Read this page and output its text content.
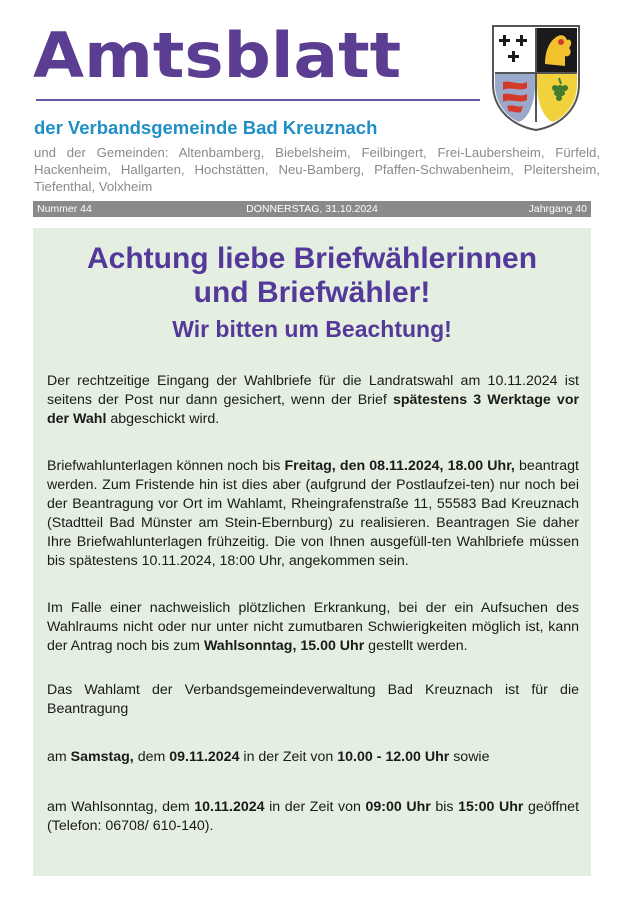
Amtsblatt
der Verbandsgemeinde Bad Kreuznach
und der Gemeinden: Altenbamberg, Biebelsheim, Feilbingert, Frei-Laubersheim, Fürfeld, Hackenheim, Hallgarten, Hochstätten, Neu-Bamberg, Pfaffen-Schwabenheim, Pleitersheim, Tiefenthal, Volxheim
DONNERSTAG, 31.10.2024
Nummer 44	Jahrgang 40
Achtung liebe Briefwählerinnen
und Briefwähler!
Wir bitten um Beachtung!

Der rechtzeitige Eingang der Wahlbriefe für die Landratswahl am 10.11.2024 ist seitens der Post nur dann gesichert, wenn der Brief spätestens 3 Werktage vor der Wahl abgeschickt wird.

Briefwahlunterlagen können noch bis Freitag, den 08.11.2024, 18.00 Uhr, beantragt werden. Zum Fristende hin ist dies aber (aufgrund der Postlaufzei-ten) nur noch bei der Beantragung vor Ort im Wahlamt, Rheingrafenstraße 11, 55583 Bad Kreuznach (Stadtteil Bad Münster am Stein-Ebernburg) zu realisieren. Beantragen Sie daher Ihre Briefwahlunterlagen frühzeitig. Die von Ihnen ausgefüll-ten Wahlbriefe müssen bis spätestens 10.11.2024, 18:00 Uhr, angekommen sein.

Im Falle einer nachweislich plötzlichen Erkrankung, bei der ein Aufsuchen des Wahlraums nicht oder nur unter nicht zumutbaren Schwierigkeiten möglich ist, kann der Antrag noch bis zum Wahlsonntag, 15.00 Uhr gestellt werden.

Das Wahlamt der Verbandsgemeindeverwaltung Bad Kreuznach ist für die Beantragung

am Samstag, dem 09.11.2024 in der Zeit von 10.00 - 12.00 Uhr sowie

am Wahlsonntag, dem 10.11.2024 in der Zeit von 09:00 Uhr bis 15:00 Uhr geöffnet (Telefon: 06708/ 610-140).
